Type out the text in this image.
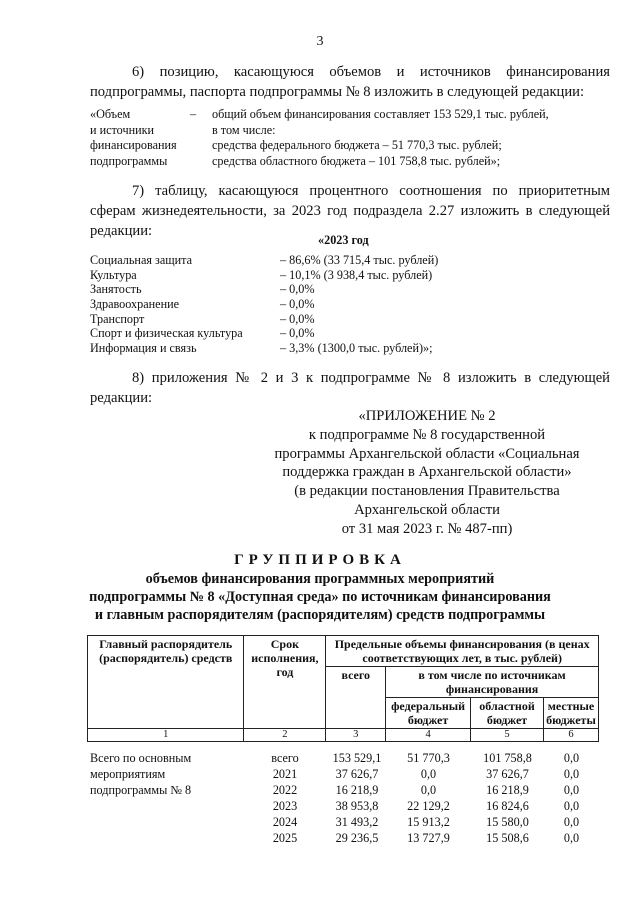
3
6) позицию, касающуюся объемов и источников финансирования подпрограммы, паспорта подпрограммы № 8 изложить в следующей редакции:
«Объем	–	общий объем финансирования составляет 153 529,1 тыс. рублей,
и источники	в том числе:
финансирования	средства федерального бюджета – 51 770,3 тыс. рублей;
подпрограммы	средства областного бюджета – 101 758,8 тыс. рублей»;
7) таблицу, касающуюся процентного соотношения по приоритетным сферам жизнедеятельности, за 2023 год подраздела 2.27 изложить в следующей редакции:
«2023 год
Социальная защита	– 86,6% (33 715,4 тыс. рублей)
Культура	– 10,1% (3 938,4 тыс. рублей)
Занятость	– 0,0%
Здравоохранение	– 0,0%
Транспорт	– 0,0%
Спорт и физическая культура	– 0,0%
Информация и связь	– 3,3% (1300,0 тыс. рублей)»;
8) приложения № 2 и 3 к подпрограмме № 8 изложить в следующей редакции:
«ПРИЛОЖЕНИЕ № 2
к подпрограмме № 8 государственной
программы Архангельской области «Социальная
поддержка граждан в Архангельской области»
(в редакции постановления Правительства
Архангельской области
от 31 мая 2023 г. № 487-пп)
ГРУППИРОВКА
объемов финансирования программных мероприятий
подпрограммы № 8 «Доступная среда» по источникам финансирования
и главным распорядителям (распорядителям) средств подпрограммы
Главный распорядитель (распорядитель) средств	Срок исполнения, год	Предельные объемы финансирования (в ценах соответствующих лет, в тыс. рублей)			
		всего	в том числе по источникам финансирования		
			федеральный бюджет	областной бюджет	местные бюджеты
1	2	3	4	5	6
Всего по основным мероприятиям подпрограммы № 8
всего	153 529,1	51 770,3	101 758,8	0,0
2021	37 626,7	0,0	37 626,7	0,0
2022	16 218,9	0,0	16 218,9	0,0
2023	38 953,8	22 129,2	16 824,6	0,0
2024	31 493,2	15 913,2	15 580,0	0,0
2025	29 236,5	13 727,9	15 508,6	0,0
